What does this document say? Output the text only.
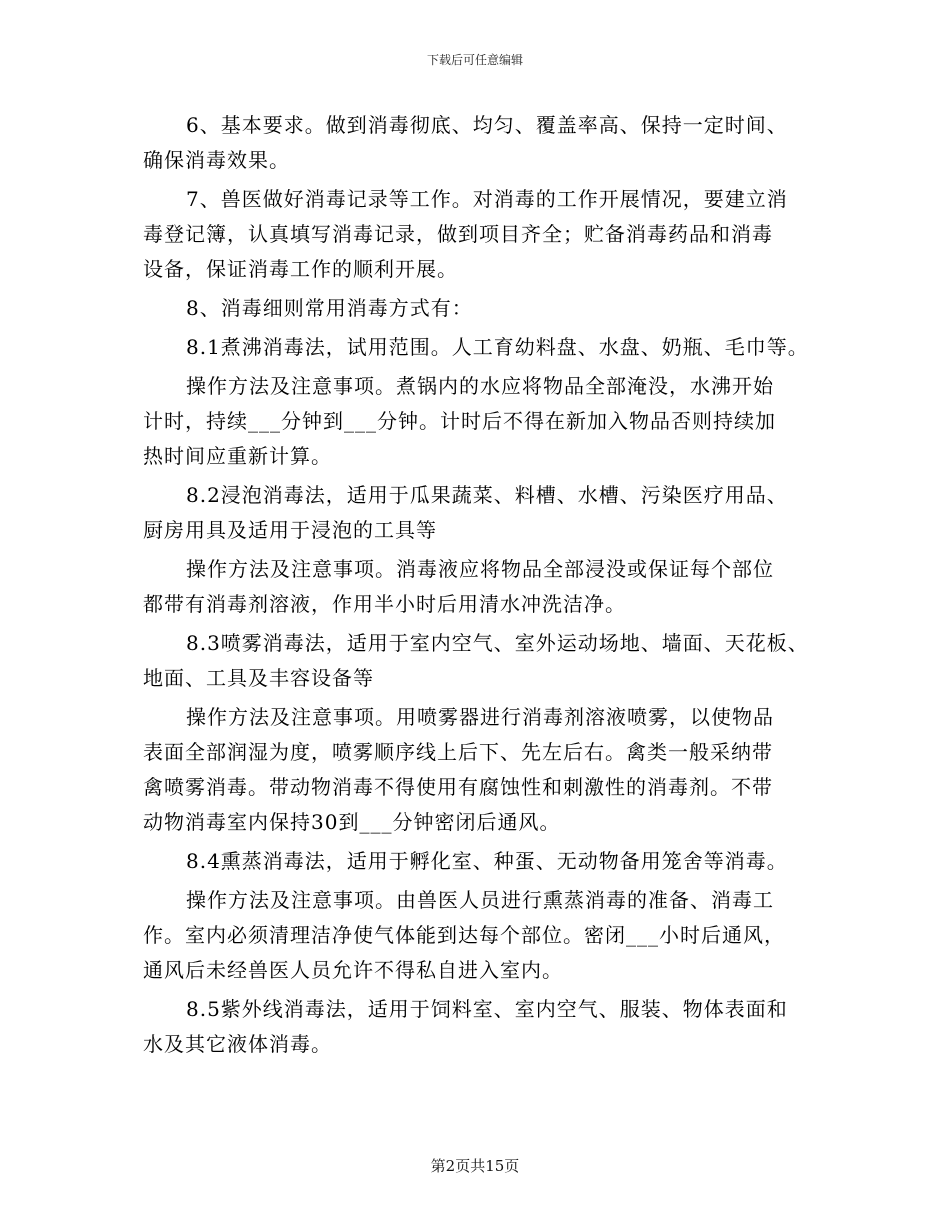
下载后可任意编辑
6、基本要求。做到消毒彻底、均匀、覆盖率高、保持一定时间、
确保消毒效果。
7、兽医做好消毒记录等工作。对消毒的工作开展情况，要建立消
毒登记簿，认真填写消毒记录，做到项目齐全；贮备消毒药品和消毒
设备，保证消毒工作的顺利开展。
8、消毒细则常用消毒方式有：
8.1煮沸消毒法，试用范围。人工育幼料盘、水盘、奶瓶、毛巾等。
操作方法及注意事项。煮锅内的水应将物品全部淹没，水沸开始
计时，持续___分钟到___分钟。计时后不得在新加入物品否则持续加
热时间应重新计算。
8.2浸泡消毒法，适用于瓜果蔬菜、料槽、水槽、污染医疗用品、
厨房用具及适用于浸泡的工具等
操作方法及注意事项。消毒液应将物品全部浸没或保证每个部位
都带有消毒剂溶液，作用半小时后用清水冲洗洁净。
8.3喷雾消毒法，适用于室内空气、室外运动场地、墙面、天花板、
地面、工具及丰容设备等
操作方法及注意事项。用喷雾器进行消毒剂溶液喷雾，以使物品
表面全部润湿为度，喷雾顺序线上后下、先左后右。禽类一般采纳带
禽喷雾消毒。带动物消毒不得使用有腐蚀性和刺激性的消毒剂。不带
动物消毒室内保持30到___分钟密闭后通风。
8.4熏蒸消毒法，适用于孵化室、种蛋、无动物备用笼舍等消毒。
操作方法及注意事项。由兽医人员进行熏蒸消毒的准备、消毒工
作。室内必须清理洁净使气体能到达每个部位。密闭___小时后通风，
通风后未经兽医人员允许不得私自进入室内。
8.5紫外线消毒法，适用于饲料室、室内空气、服装、物体表面和
水及其它液体消毒。
第2页共15页
